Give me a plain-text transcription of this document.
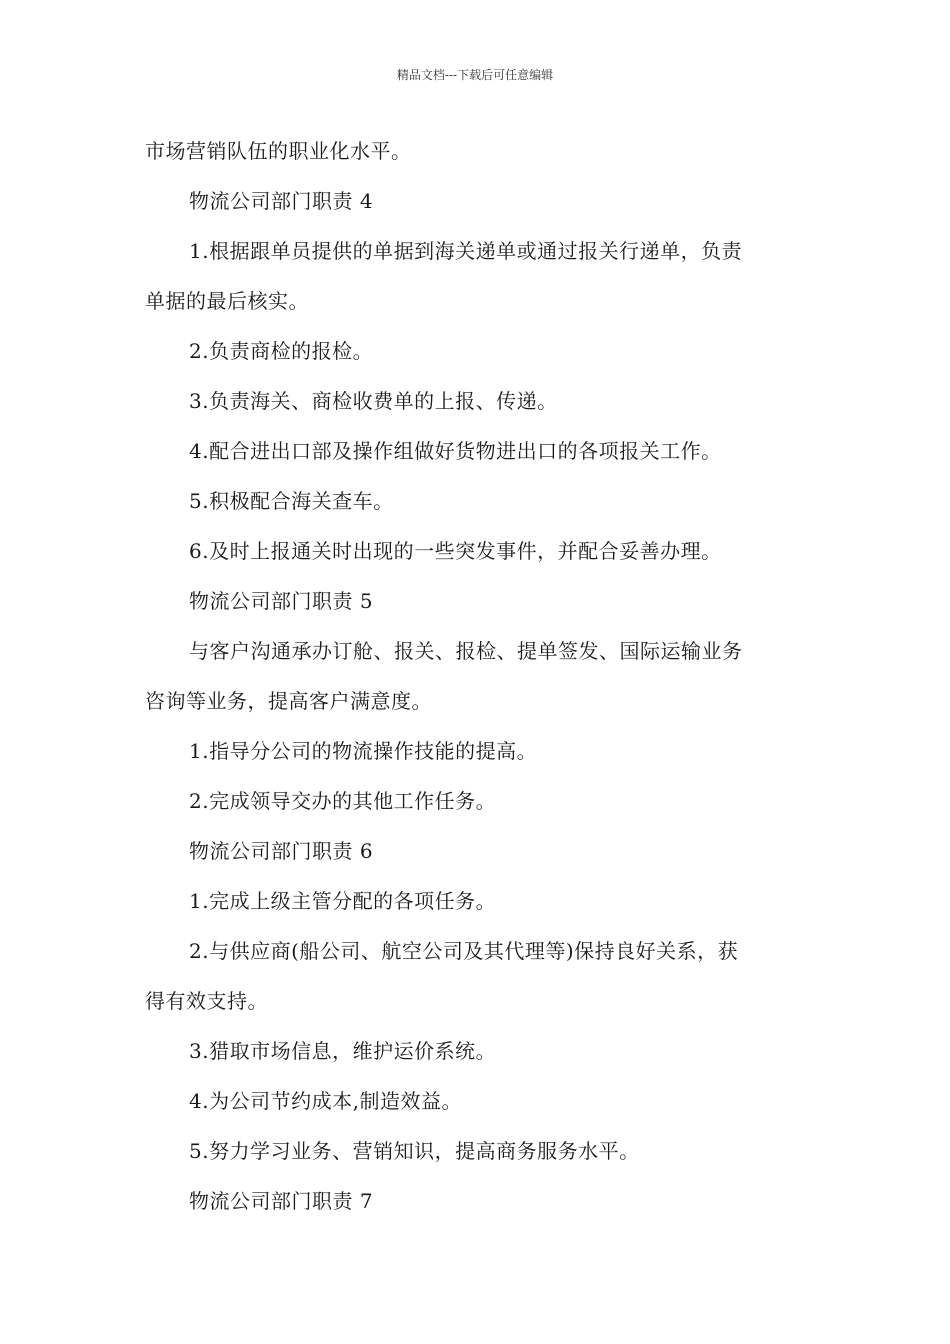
精品文档---下载后可任意编辑
市场营销队伍的职业化水平。
物流公司部门职责 4
1.根据跟单员提供的单据到海关递单或通过报关行递单，负责
单据的最后核实。
2.负责商检的报检。
3.负责海关、商检收费单的上报、传递。
4.配合进出口部及操作组做好货物进出口的各项报关工作。
5.积极配合海关查车。
6.及时上报通关时出现的一些突发事件，并配合妥善办理。
物流公司部门职责 5
与客户沟通承办订舱、报关、报检、提单签发、国际运输业务
咨询等业务，提高客户满意度。
1.指导分公司的物流操作技能的提高。
2.完成领导交办的其他工作任务。
物流公司部门职责 6
1.完成上级主管分配的各项任务。
2.与供应商(船公司、航空公司及其代理等)保持良好关系，获
得有效支持。
3.猎取市场信息，维护运价系统。
4.为公司节约成本,制造效益。
5.努力学习业务、营销知识，提高商务服务水平。
物流公司部门职责 7
